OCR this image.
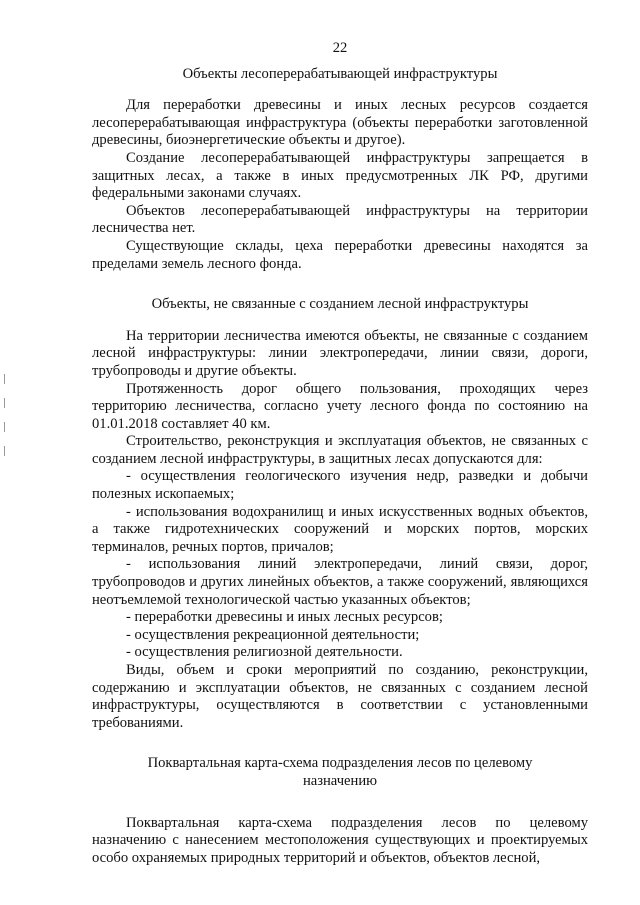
22
Объекты лесоперерабатывающей инфраструктуры

Для переработки древесины и иных лесных ресурсов создается лесоперерабатывающая инфраструктура (объекты переработки заготовленной древесины, биоэнергетические объекты и другое).

Создание лесоперерабатывающей инфраструктуры запрещается в защитных лесах, а также в иных предусмотренных ЛК РФ, другими федеральными законами случаях.

Объектов лесоперерабатывающей инфраструктуры на территории лесничества нет.

Существующие склады, цеха переработки древесины находятся за пределами земель лесного фонда.

Объекты, не связанные с созданием лесной инфраструктуры

На территории лесничества имеются объекты, не связанные с созданием лесной инфраструктуры: линии электропередачи, линии связи, дороги, трубопроводы и другие объекты.

Протяженность дорог общего пользования, проходящих через территорию лесничества, согласно учету лесного фонда по состоянию на 01.01.2018 составляет 40 км.

Строительство, реконструкция и эксплуатация объектов, не связанных с созданием лесной инфраструктуры, в защитных лесах допускаются для:

- осуществления геологического изучения недр, разведки и добычи полезных ископаемых;

- использования водохранилищ и иных искусственных водных объектов, а также гидротехнических сооружений и морских портов, морских терминалов, речных портов, причалов;

- использования линий электропередачи, линий связи, дорог, трубопроводов и других линейных объектов, а также сооружений, являющихся неотъемлемой технологической частью указанных объектов;

- переработки древесины и иных лесных ресурсов;

- осуществления рекреационной деятельности;

- осуществления религиозной деятельности.

Виды, объем и сроки мероприятий по созданию, реконструкции, содержанию и эксплуатации объектов, не связанных с созданием лесной инфраструктуры, осуществляются в соответствии с установленными требованиями.

Поквартальная карта-схема подразделения лесов по целевому назначению

Поквартальная карта-схема подразделения лесов по целевому назначению с нанесением местоположения существующих и проектируемых особо охраняемых природных территорий и объектов, объектов лесной,
